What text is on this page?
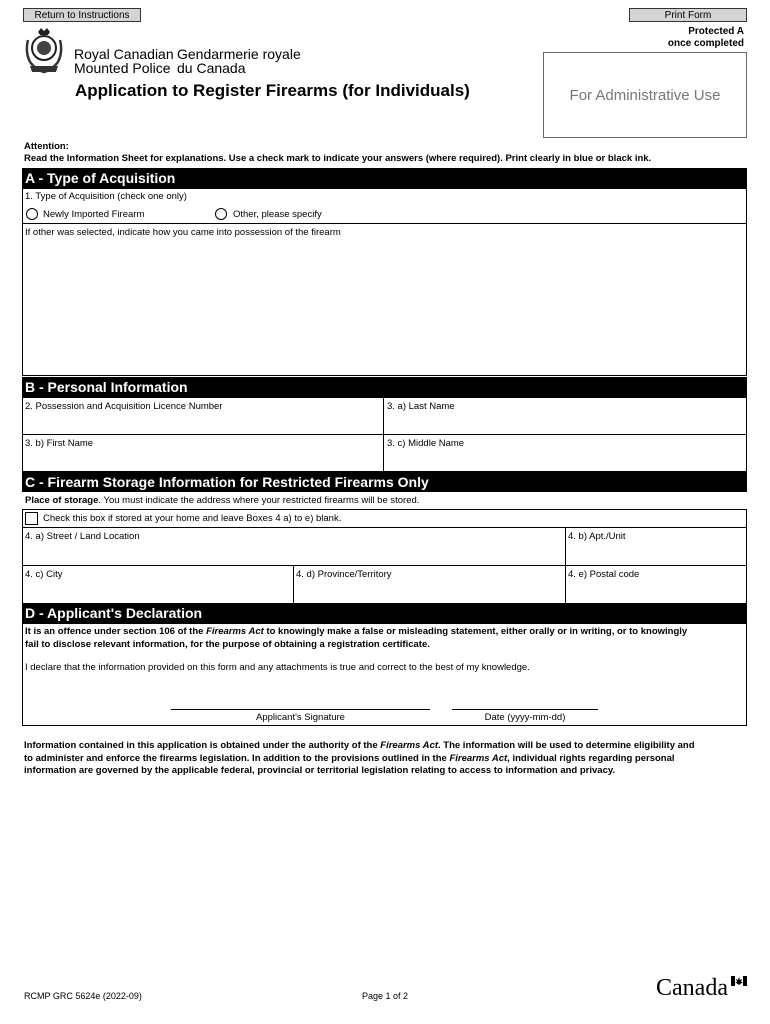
Return to Instructions	Print Form
Protected A
once completed
Royal Canadian
Mounted Police
Gendarmerie royale
du Canada
Application to Register Firearms (for Individuals)	For Administrative Use
Attention:
Read the Information Sheet for explanations. Use a check mark to indicate your answers (where required). Print clearly in blue or black ink.
A - Type of Acquisition
1. Type of Acquisition (check one only)
Newly Imported Firearm	Other, please specify
If other was selected, indicate how you came into possession of the firearm
B - Personal Information
2. Possession and Acquisition Licence Number	3. a) Last Name
3. b) First Name	3. c) Middle Name
C - Firearm Storage Information for Restricted Firearms Only
Place of storage. You must indicate the address where your restricted firearms will be stored.
Check this box if stored at your home and leave Boxes 4 a) to e) blank.
4. a) Street / Land Location	4. b) Apt./Unit
4. c) City	4. d) Province/Territory	4. e) Postal code
D - Applicant's Declaration
It is an offence under section 106 of the Firearms Act to knowingly make a false or misleading statement, either orally or in writing, or to knowingly
fail to disclose relevant information, for the purpose of obtaining a registration certificate.
I declare that the information provided on this form and any attachments is true and correct to the best of my knowledge.
Applicant's Signature	Date (yyyy-mm-dd)
Information contained in this application is obtained under the authority of the Firearms Act. The information will be used to determine eligibility and
to administer and enforce the firearms legislation. In addition to the provisions outlined in the Firearms Act, individual rights regarding personal
information are governed by the applicable federal, provincial or territorial legislation relating to access to information and privacy.
RCMP GRC 5624e (2022-09)	Page 1 of 2	Canada
